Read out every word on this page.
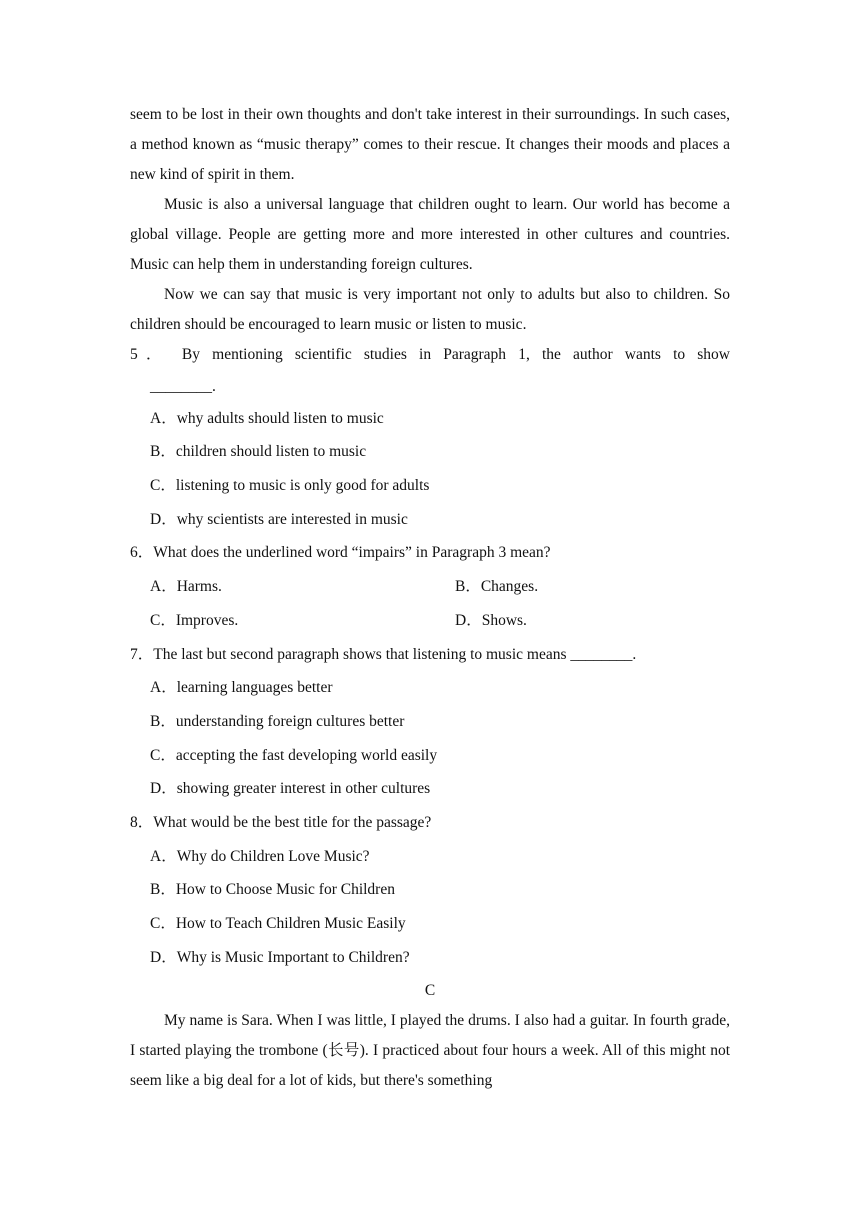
seem to be lost in their own thoughts and don't take interest in their surroundings. In such cases, a method known as “music therapy” comes to their rescue. It changes their moods and places a new kind of spirit in them.

Music is also a universal language that children ought to learn. Our world has become a global village. People are getting more and more interested in other cultures and countries. Music can help them in understanding foreign cultures.

Now we can say that music is very important not only to adults but also to children. So children should be encouraged to learn music or listen to music.

5． By mentioning scientific studies in Paragraph 1, the author wants to show

________.
A．why adults should listen to music
B．children should listen to music
C．listening to music is only good for adults
D．why scientists are interested in music
6．What does the underlined word “impairs” in Paragraph 3 mean?
A．Harms.	B．Changes.
C．Improves.	D．Shows.
7．The last but second paragraph shows that listening to music means ________.
A．learning languages better
B．understanding foreign cultures better
C．accepting the fast developing world easily
D．showing greater interest in other cultures
8．What would be the best title for the passage?
A．Why do Children Love Music?
B．How to Choose Music for Children
C．How to Teach Children Music Easily
D．Why is Music Important to Children?
C

My name is Sara. When I was little, I played the drums. I also had a guitar. In fourth grade, I started playing the trombone (长号). I practiced about four hours a week. All of this might not seem like a big deal for a lot of kids, but there's something
